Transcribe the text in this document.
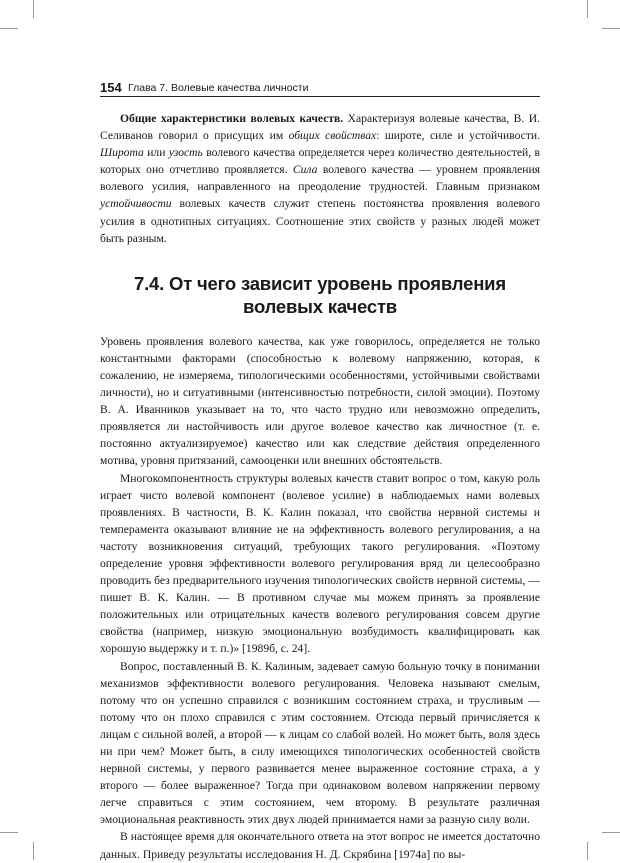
154 Глава 7. Волевые качества личности

Общие характеристики волевых качеств. Характеризуя волевые качества, В. И. Селиванов говорил о присущих им общих свойствах: широте, силе и устойчивости. Широта или узость волевого качества определяется через количество деятельностей, в которых оно отчетливо проявляется. Сила волевого качества — уровнем проявления волевого усилия, направленного на преодоление трудностей. Главным признаком устойчивости волевых качеств служит степень постоянства проявления волевого усилия в однотипных ситуациях. Соотношение этих свойств у разных людей может быть разным.

7.4. От чего зависит уровень проявления
волевых качеств

Уровень проявления волевого качества, как уже говорилось, определяется не только константными факторами (способностью к волевому напряжению, которая, к сожалению, не измеряема, типологическими особенностями, устойчивыми свойствами личности), но и ситуативными (интенсивностью потребности, силой эмоции). Поэтому В. А. Иванников указывает на то, что часто трудно или невозможно определить, проявляется ли настойчивость или другое волевое качество как личностное (т. е. постоянно актуализируемое) качество или как следствие действия определенного мотива, уровня притязаний, самооценки или внешних обстоятельств.

Многокомпонентность структуры волевых качеств ставит вопрос о том, какую роль играет чисто волевой компонент (волевое усилие) в наблюдаемых нами волевых проявлениях. В частности, В. К. Калин показал, что свойства нервной системы и темперамента оказывают влияние не на эффективность волевого регулирования, а на частоту возникновения ситуаций, требующих такого регулирования. «Поэтому определение уровня эффективности волевого регулирования вряд ли целесообразно проводить без предварительного изучения типологических свойств нервной системы, — пишет В. К. Калин. — В противном случае мы можем принять за проявление положительных или отрицательных качеств волевого регулирования совсем другие свойства (например, низкую эмоциональную возбудимость квалифицировать как хорошую выдержку и т. п.)» [1989б, с. 24].

Вопрос, поставленный В. К. Калиным, задевает самую больную точку в понимании механизмов эффективности волевого регулирования. Человека называют смелым, потому что он успешно справился с возникшим состоянием страха, и трусливым — потому что он плохо справился с этим состоянием. Отсюда первый причисляется к лицам с сильной волей, а второй — к лицам со слабой волей. Но может быть, воля здесь ни при чем? Может быть, в силу имеющихся типологических особенностей свойств нервной системы, у первого развивается менее выраженное состояние страха, а у второго — более выраженное? Тогда при одинаковом волевом напряжении первому легче справиться с этим состоянием, чем второму. В результате различная эмоциональная реактивность этих двух людей принимается нами за разную силу воли.

В настоящее время для окончательного ответа на этот вопрос не имеется достаточно данных. Приведу результаты исследования Н. Д. Скрябина [1974а] по вы-
